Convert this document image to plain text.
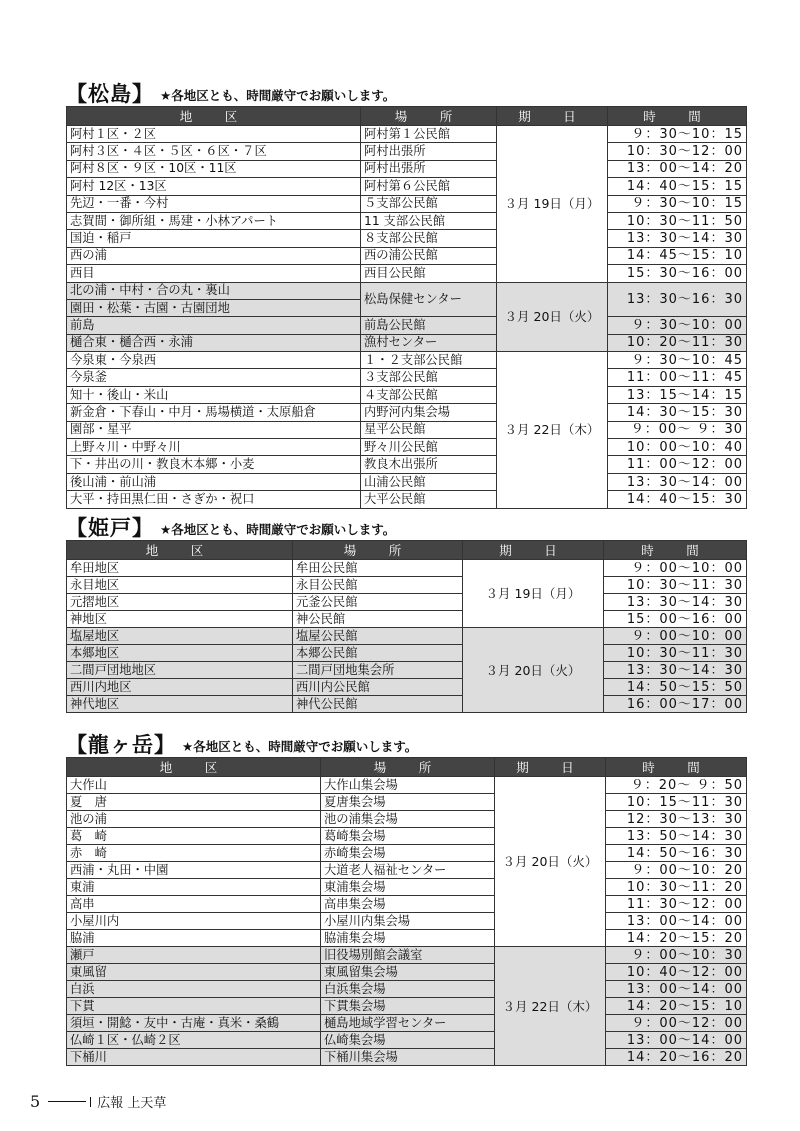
【松島】 ★各地区とも、時間厳守でお願いします。
地　区	場　所	期　日	時　間
阿村１区・２区	阿村第１公民館	３月 19日（月）	９：30～10：15
阿村３区・４区・５区・６区・７区	阿村出張所		10：30～12：00
阿村８区・９区・10区・11区	阿村出張所		13：00～14：20
阿村 12区・13区	阿村第６公民館		14：40～15：15
先辺・一番・今村	５支部公民館		９：30～10：15
志賀間・御所組・馬建・小林アパート	11 支部公民館		10：30～11：50
国迫・稲戸	８支部公民館		13：30～14：30
西の浦	西の浦公民館		14：45～15：10
西目	西目公民館		15：30～16：00
北の浦・中村・合の丸・裏山	松島保健センター	３月 20日（火）	13：30～16：30
園田・松葉・古園・古園団地			
前島	前島公民館		９：30～10：00
樋合東・樋合西・永浦	漁村センター		10：20～11：30
今泉東・今泉西	１・２支部公民館	３月 22日（木）	９：30～10：45
今泉釜	３支部公民館		11：00～11：45
知十・後山・米山	４支部公民館		13：15～14：15
新金倉・下春山・中月・馬場横道・太原船倉	内野河内集会場		14：30～15：30
園部・星平	星平公民館		９：00～ ９：30
上野々川・中野々川	野々川公民館		10：00～10：40
下・井出の川・教良木本郷・小麦	教良木出張所		11：00～12：00
後山浦・前山浦	山浦公民館		13：30～14：00
大平・持田黒仁田・さぎか・祝口	大平公民館		14：40～15：30
【姫戸】 ★各地区とも、時間厳守でお願いします。
地　区	場　所	期　日	時　間
牟田地区	牟田公民館	３月 19日（月）	９：00～10：00
永目地区	永目公民館		10：30～11：30
元摺地区	元釜公民館		13：30～14：30
神地区	神公民館		15：00～16：00
塩屋地区	塩屋公民館	３月 20日（火）	９：00～10：00
本郷地区	本郷公民館		10：30～11：30
二間戸団地地区	二間戸団地集会所		13：30～14：30
西川内地区	西川内公民館		14：50～15：50
神代地区	神代公民館		16：00～17：00
【龍ヶ岳】 ★各地区とも、時間厳守でお願いします。
地　区	場　所	期　日	時　間
大作山	大作山集会場	３月 20日（火）	９：20～ ９：50
夏　唐	夏唐集会場		10：15～11：30
池の浦	池の浦集会場		12：30～13：30
葛　崎	葛崎集会場		13：50～14：30
赤　崎	赤崎集会場		14：50～16：30
西浦・丸田・中園	大道老人福祉センター		９：00～10：20
東浦	東浦集会場		10：30～11：20
高串	高串集会場		11：30～12：00
小屋川内	小屋川内集会場		13：00～14：00
脇浦	脇浦集会場		14：20～15：20
瀬戸	旧役場別館会議室	３月 22日（木）	９：00～10：30
東風留	東風留集会場		10：40～12：00
白浜	白浜集会場		13：00～14：00
下貫	下貫集会場		14：20～15：10
須垣・開鯰・友中・古庵・真米・桑鶴	樋島地域学習センター		９：00～12：00
仏崎１区・仏崎２区	仏崎集会場		13：00～14：00
下桶川	下桶川集会場		14：20～16：20
5	広報 上天草
